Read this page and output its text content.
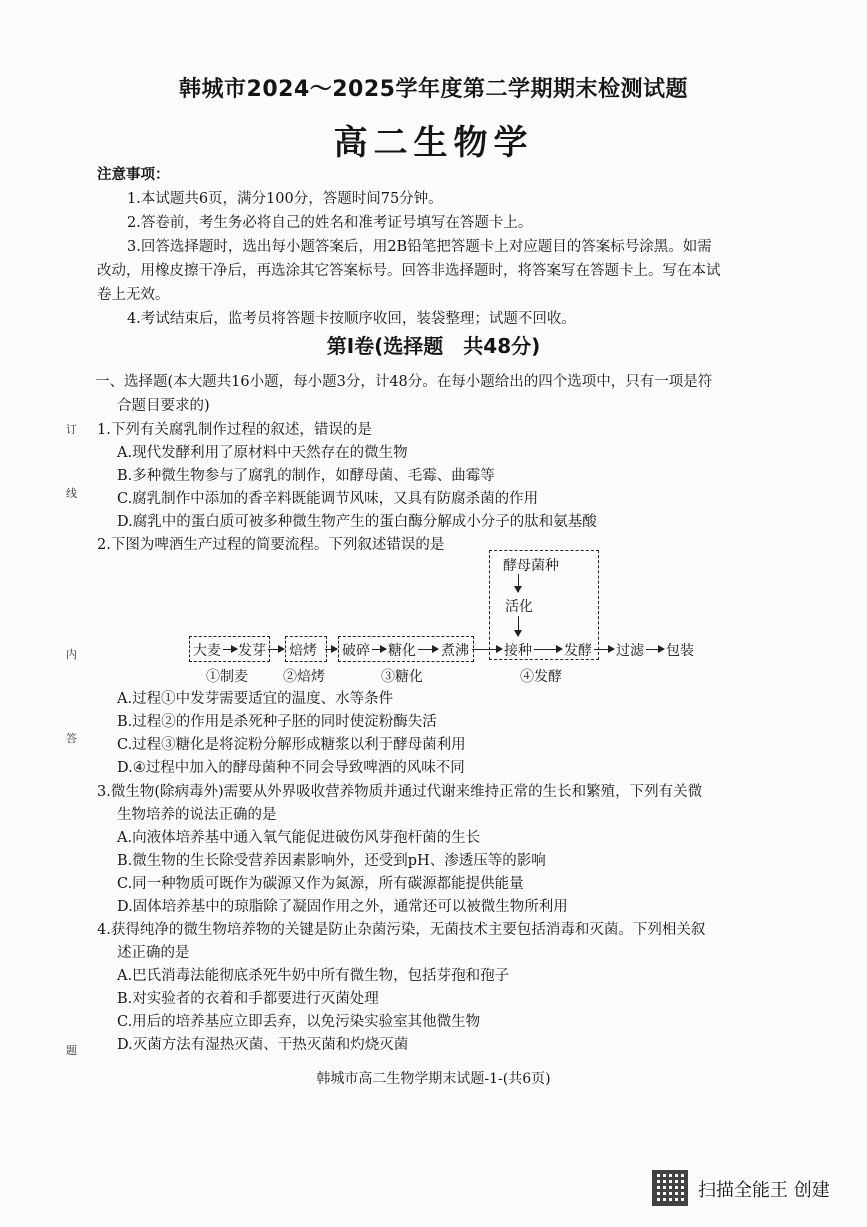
韩城市2024～2025学年度第二学期期末检测试题
高二生物学
注意事项：
1.本试题共6页，满分100分，答题时间75分钟。
2.答卷前，考生务必将自己的姓名和准考证号填写在答题卡上。
3.回答选择题时，选出每小题答案后，用2B铅笔把答题卡上对应题目的答案标号涂黑。如需
改动，用橡皮擦干净后，再选涂其它答案标号。回答非选择题时，将答案写在答题卡上。写在本试
卷上无效。
4.考试结束后，监考员将答题卡按顺序收回，装袋整理；试题不回收。
第Ⅰ卷(选择题　共48分)
一、选择题(本大题共16小题，每小题3分，计48分。在每小题给出的四个选项中，只有一项是符
合题目要求的)
1.下列有关腐乳制作过程的叙述，错误的是
A.现代发酵利用了原材料中天然存在的微生物
B.多种微生物参与了腐乳的制作，如酵母菌、毛霉、曲霉等
C.腐乳制作中添加的香辛料既能调节风味，又具有防腐杀菌的作用
D.腐乳中的蛋白质可被多种微生物产生的蛋白酶分解成小分子的肽和氨基酸
2.下图为啤酒生产过程的简要流程。下列叙述错误的是
酵母菌种
活化
大麦 发芽 焙烤 破碎 糖化 煮沸	接种 发酵 过滤 包装
①制麦	②焙烤	③糖化	④发酵
A.过程①中发芽需要适宜的温度、水等条件
B.过程②的作用是杀死种子胚的同时使淀粉酶失活
C.过程③糖化是将淀粉分解形成糖浆以利于酵母菌利用
D.④过程中加入的酵母菌种不同会导致啤酒的风味不同
3.微生物(除病毒外)需要从外界吸收营养物质并通过代谢来维持正常的生长和繁殖，下列有关微
生物培养的说法正确的是
A.向液体培养基中通入氧气能促进破伤风芽孢杆菌的生长
B.微生物的生长除受营养因素影响外，还受到pH、渗透压等的影响
C.同一种物质可既作为碳源又作为氮源，所有碳源都能提供能量
D.固体培养基中的琼脂除了凝固作用之外，通常还可以被微生物所利用
4.获得纯净的微生物培养物的关键是防止杂菌污染，无菌技术主要包括消毒和灭菌。下列相关叙
述正确的是
A.巴氏消毒法能彻底杀死牛奶中所有微生物，包括芽孢和孢子
B.对实验者的衣着和手都要进行灭菌处理
C.用后的培养基应立即丢弃，以免污染实验室其他微生物
D.灭菌方法有湿热灭菌、干热灭菌和灼烧灭菌
订
线
内
答
题
韩城市高二生物学期末试题-1-(共6页)
扫描全能王 创建
